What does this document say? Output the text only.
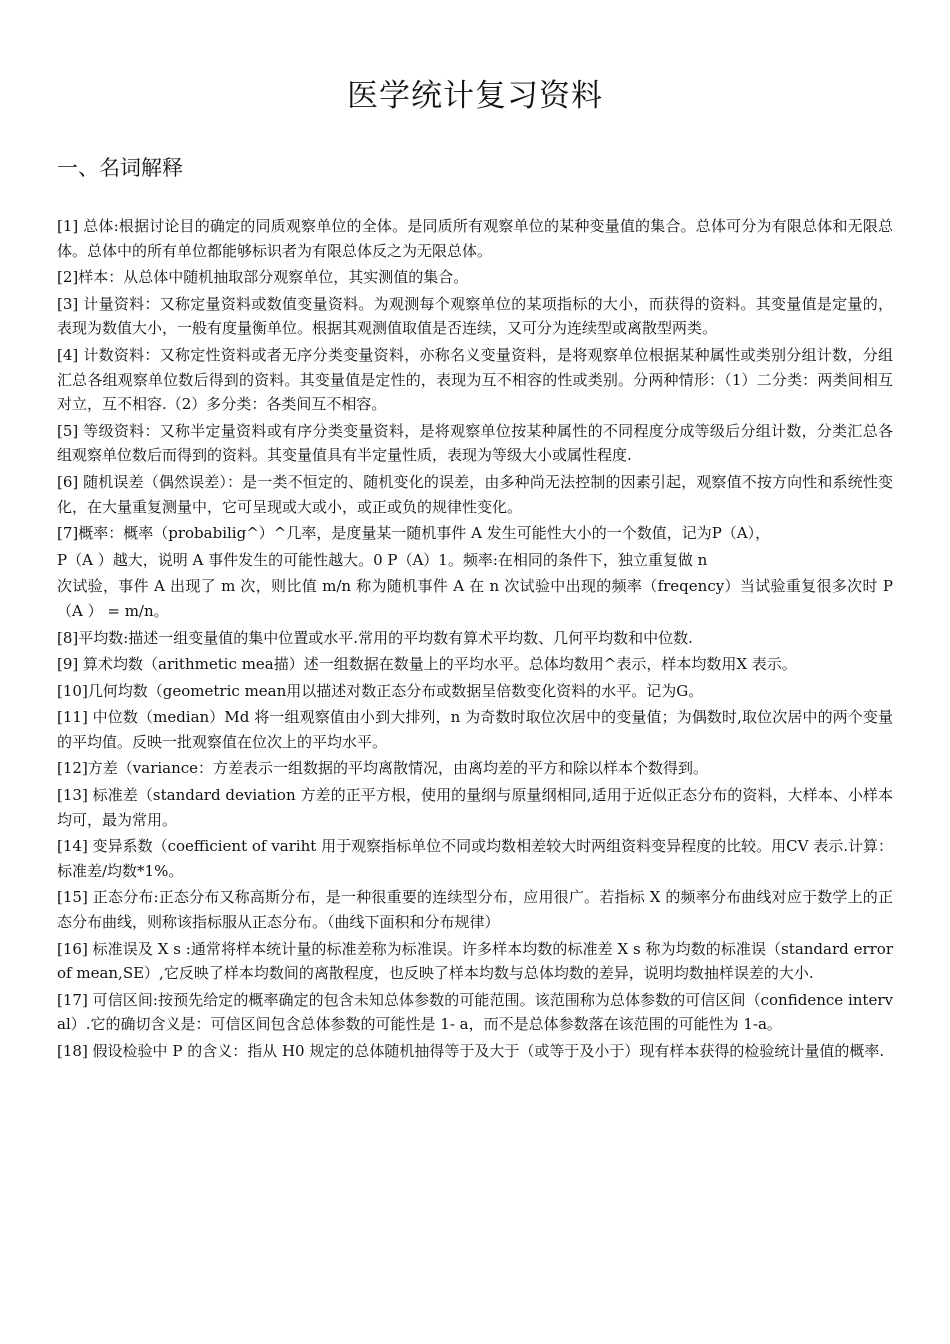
医学统计复习资料
一、名词解释

[1] 总体:根据讨论目的确定的同质观察单位的全体。是同质所有观察单位的某种变量值的集合。总体可分为有限总体和无限总体。总体中的所有单位都能够标识者为有限总体反之为无限总体。

[2]样本：从总体中随机抽取部分观察单位，其实测值的集合。

[3] 计量资料：又称定量资料或数值变量资料。为观测每个观察单位的某项指标的大小，而获得的资料。其变量值是定量的，表现为数值大小，一般有度量衡单位。根据其观测值取值是否连续，又可分为连续型或离散型两类。

[4] 计数资料：又称定性资料或者无序分类变量资料，亦称名义变量资料，是将观察单位根据某种属性或类别分组计数，分组汇总各组观察单位数后得到的资料。其变量值是定性的，表现为互不相容的性或类别。分两种情形：（1）二分类：两类间相互对立，互不相容.（2）多分类：各类间互不相容。

[5] 等级资料：又称半定量资料或有序分类变量资料，是将观察单位按某种属性的不同程度分成等级后分组计数，分类汇总各组观察单位数后而得到的资料。其变量值具有半定量性质，表现为等级大小或属性程度.

[6] 随机误差（偶然误差）：是一类不恒定的、随机变化的误差，由多种尚无法控制的因素引起，观察值不按方向性和系统性变化，在大量重复测量中，它可呈现或大或小，或正或负的规律性变化。

[7]概率：概率（probabilig^）^几率，是度量某一随机事件 A 发生可能性大小的一个数值，记为P（A），

P（A ）越大，说明 A 事件发生的可能性越大。0 P（A）1。频率:在相同的条件下，独立重复做 n

次试验，事件 A 出现了 m 次，则比值 m/n 称为随机事件 A 在 n 次试验中出现的频率（freqency）当试验重复很多次时 P （A ） = m/n。

[8]平均数:描述一组变量值的集中位置或水平.常用的平均数有算术平均数、几何平均数和中位数.

[9] 算术均数（arithmetic mea描）述一组数据在数量上的平均水平。总体均数用^表示，样本均数用X 表示。

[10]几何均数（geometric mean用以描述对数正态分布或数据呈倍数变化资料的水平。记为G。

[11] 中位数（median）Md 将一组观察值由小到大排列，n 为奇数时取位次居中的变量值；为偶数时,取位次居中的两个变量的平均值。反映一批观察值在位次上的平均水平。

[12]方差（variance：方差表示一组数据的平均离散情况，由离均差的平方和除以样本个数得到。

[13] 标准差（standard deviation 方差的正平方根，使用的量纲与原量纲相同,适用于近似正态分布的资料，大样本、小样本均可，最为常用。

[14] 变异系数（coefficient of variht 用于观察指标单位不同或均数相差较大时两组资料变异程度的比较。用CV 表示.计算：标准差/均数*1%。

[15] 正态分布:正态分布又称高斯分布，是一种很重要的连续型分布，应用很广。若指标 X 的频率分布曲线对应于数学上的正态分布曲线，则称该指标服从正态分布。（曲线下面积和分布规律）

[16] 标准误及 X s :通常将样本统计量的标准差称为标准误。许多样本均数的标准差 X s 称为均数的标准误（standard error of mean,SE）,它反映了样本均数间的离散程度，也反映了样本均数与总体均数的差异，说明均数抽样误差的大小.

[17] 可信区间:按预先给定的概率确定的包含未知总体参数的可能范围。该范围称为总体参数的可信区间（confidence interval）.它的确切含义是：可信区间包含总体参数的可能性是 1- a，而不是总体参数落在该范围的可能性为 1-a。

[18] 假设检验中 P 的含义：指从 H0 规定的总体随机抽得等于及大于（或等于及小于）现有样本获得的检验统计量值的概率.
